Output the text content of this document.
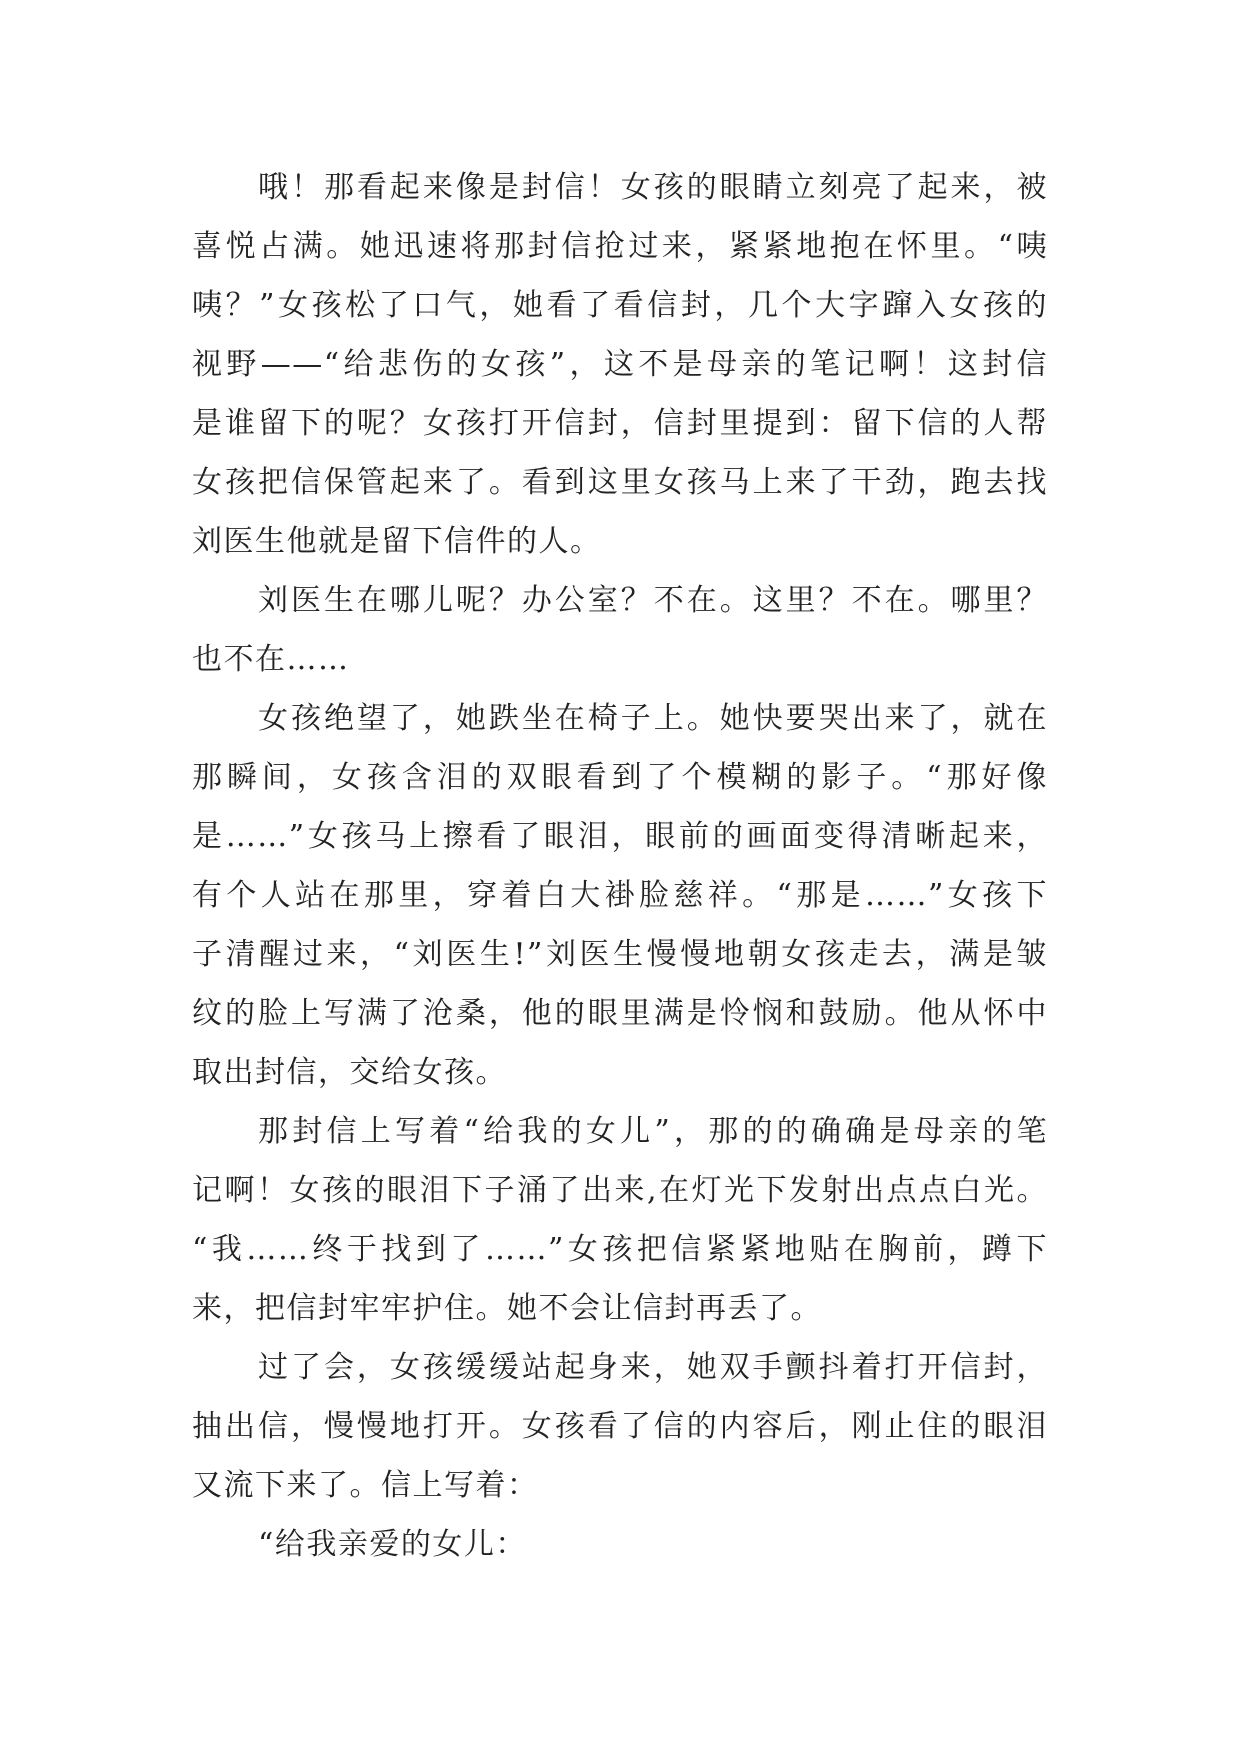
哦！那看起来像是封信！女孩的眼睛立刻亮了起来，被
喜悦占满。她迅速将那封信抢过来，紧紧地抱在怀里。“咦
咦？”女孩松了口气，她看了看信封，几个大字蹿入女孩的
视野——“给悲伤的女孩”，这不是母亲的笔记啊！这封信
是谁留下的呢？女孩打开信封，信封里提到：留下信的人帮
女孩把信保管起来了。看到这里女孩马上来了干劲，跑去找
刘医生他就是留下信件的人。
刘医生在哪儿呢？办公室？不在。这里？不在。哪里？
也不在……
女孩绝望了，她跌坐在椅子上。她快要哭出来了，就在
那瞬间，女孩含泪的双眼看到了个模糊的影子。“那好像
是……”女孩马上擦看了眼泪，眼前的画面变得清晰起来，
有个人站在那里，穿着白大褂脸慈祥。“那是……”女孩下
子清醒过来，“刘医生!”刘医生慢慢地朝女孩走去，满是皱
纹的脸上写满了沧桑，他的眼里满是怜悯和鼓励。他从怀中
取出封信，交给女孩。
那封信上写着“给我的女儿”，那的的确确是母亲的笔
记啊！女孩的眼泪下子涌了出来,在灯光下发射出点点白光。
“我……终于找到了……”女孩把信紧紧地贴在胸前，蹲下
来，把信封牢牢护住。她不会让信封再丢了。
过了会，女孩缓缓站起身来，她双手颤抖着打开信封，
抽出信，慢慢地打开。女孩看了信的内容后，刚止住的眼泪
又流下来了。信上写着：
“给我亲爱的女儿：
